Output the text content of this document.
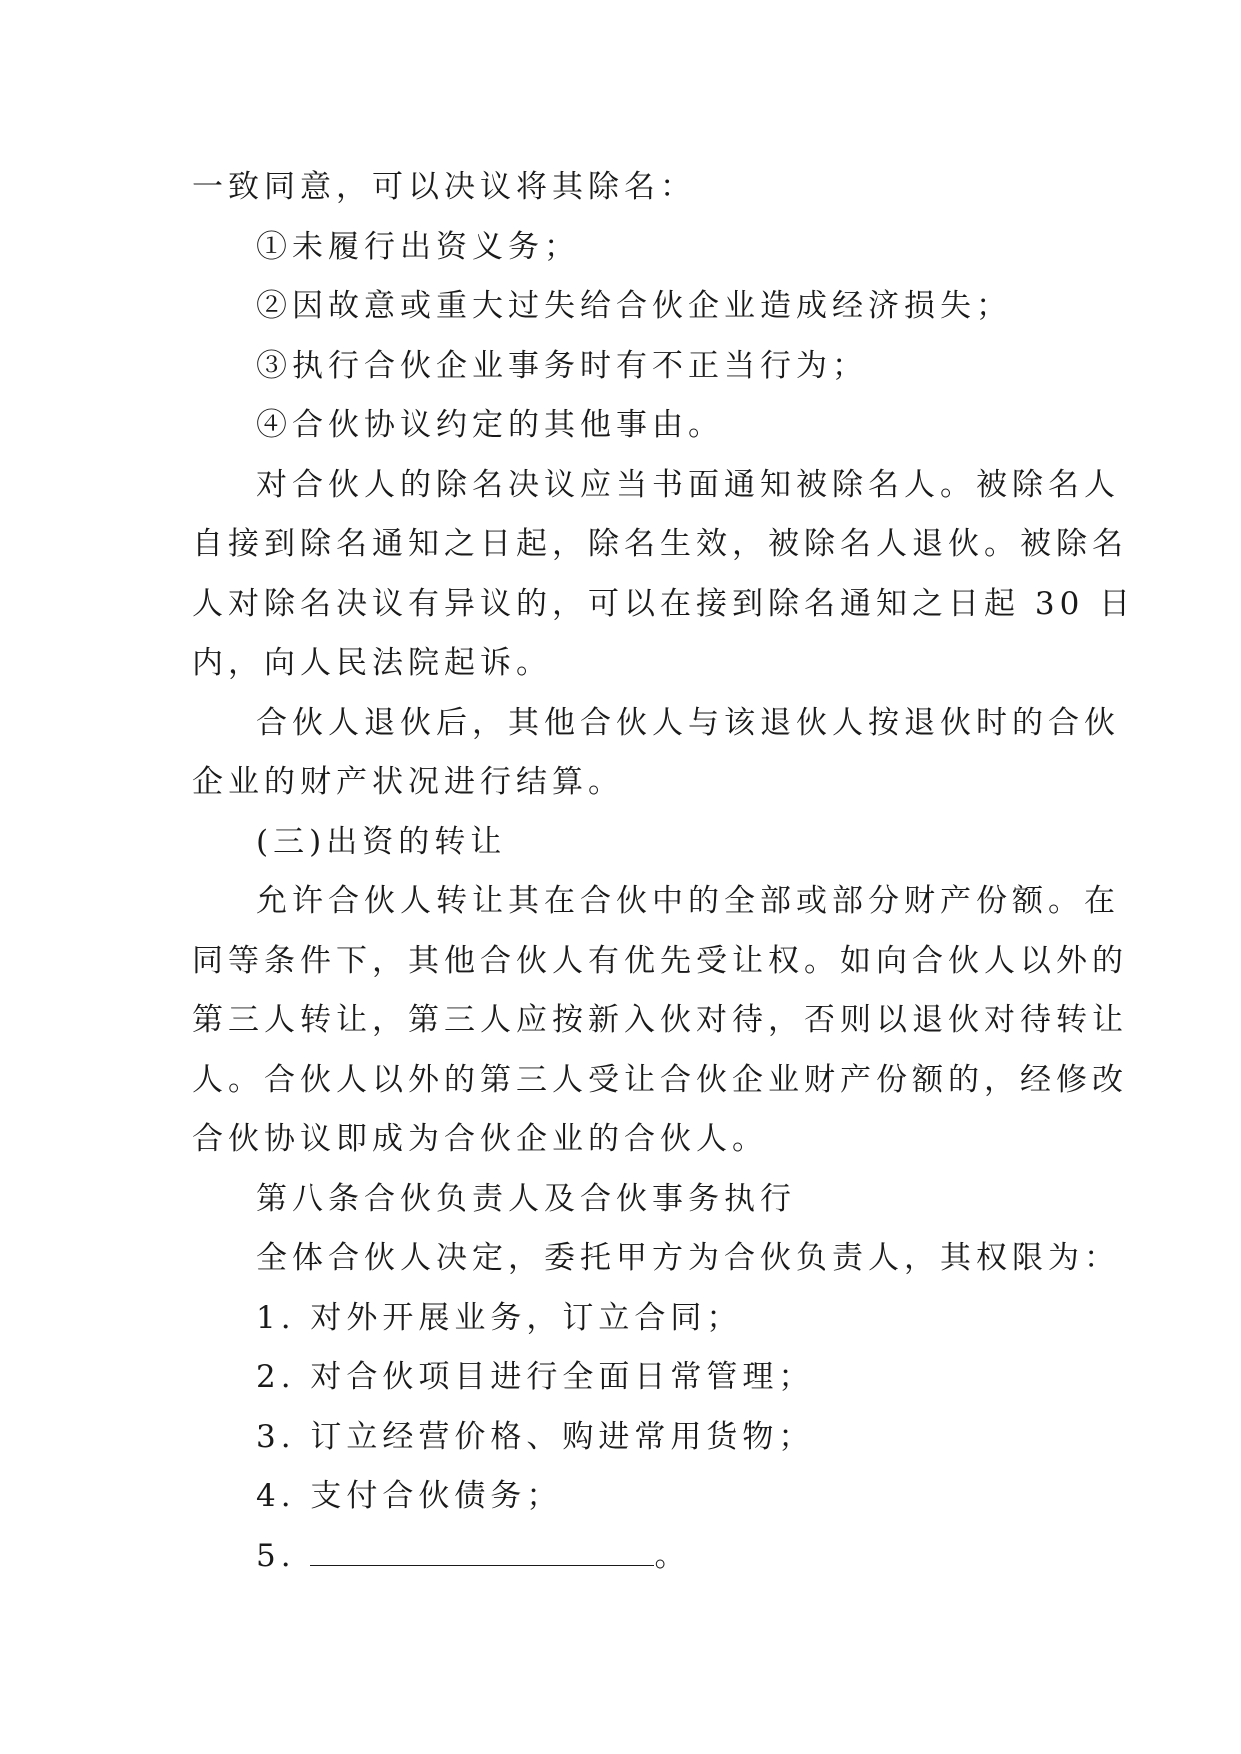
一致同意，可以决议将其除名：
①未履行出资义务；
②因故意或重大过失给合伙企业造成经济损失；
③执行合伙企业事务时有不正当行为；
④合伙协议约定的其他事由。
对合伙人的除名决议应当书面通知被除名人。被除名人
自接到除名通知之日起，除名生效，被除名人退伙。被除名
人对除名决议有异议的，可以在接到除名通知之日起 30 日
内，向人民法院起诉。
合伙人退伙后，其他合伙人与该退伙人按退伙时的合伙
企业的财产状况进行结算。
(三)出资的转让
允许合伙人转让其在合伙中的全部或部分财产份额。在
同等条件下，其他合伙人有优先受让权。如向合伙人以外的
第三人转让，第三人应按新入伙对待，否则以退伙对待转让
人。合伙人以外的第三人受让合伙企业财产份额的，经修改
合伙协议即成为合伙企业的合伙人。
第八条合伙负责人及合伙事务执行
全体合伙人决定，委托甲方为合伙负责人，其权限为：
1. 对外开展业务，订立合同；
2. 对合伙项目进行全面日常管理；
3. 订立经营价格、购进常用货物；
4. 支付合伙债务；
5.	。
